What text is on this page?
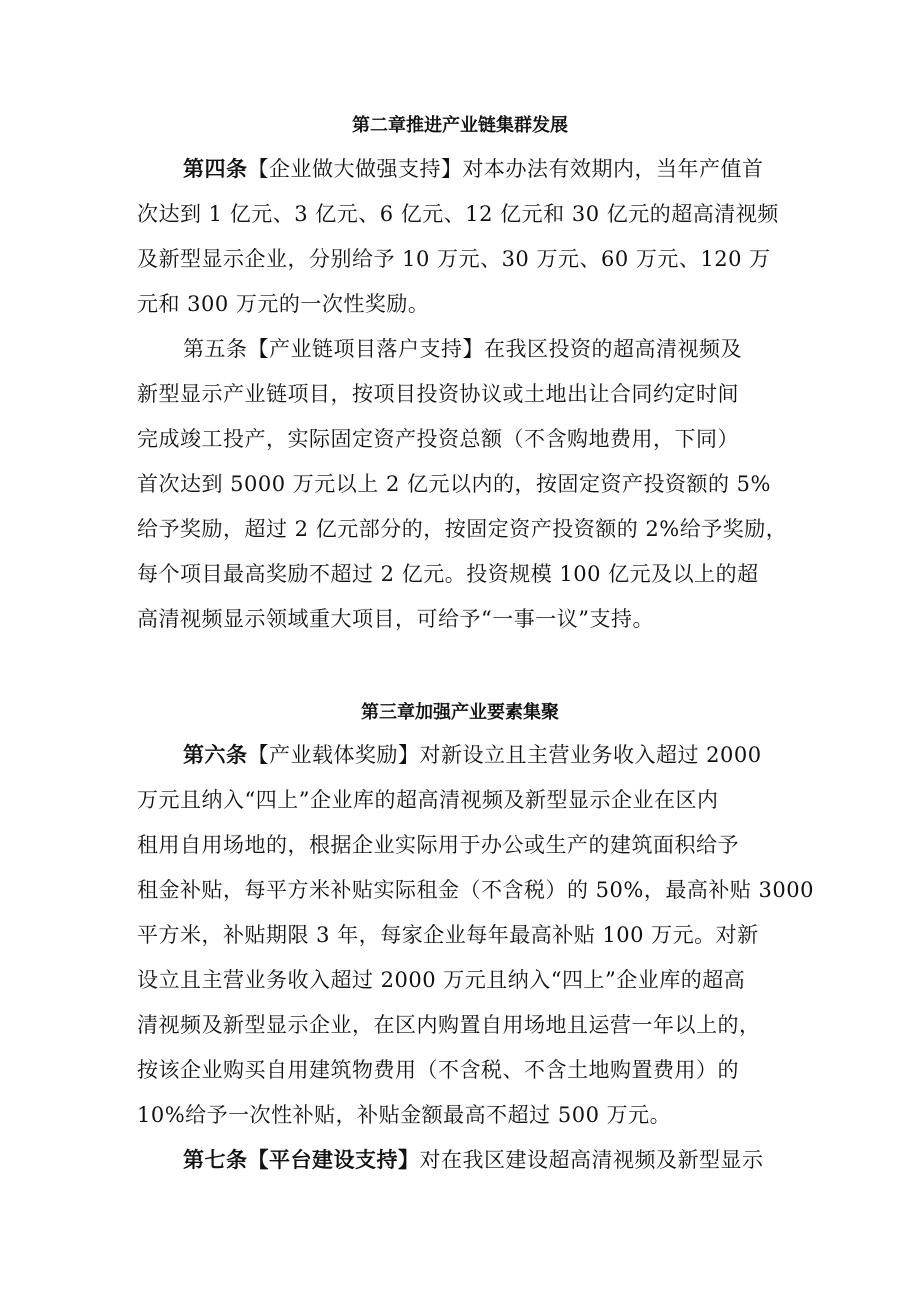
第二章推进产业链集群发展
第四条【企业做大做强支持】对本办法有效期内，当年产值首
次达到 1 亿元、3 亿元、6 亿元、12 亿元和 30 亿元的超高清视频
及新型显示企业，分别给予 10 万元、30 万元、60 万元、120 万
元和 300 万元的一次性奖励。
第五条【产业链项目落户支持】在我区投资的超高清视频及
新型显示产业链项目，按项目投资协议或土地出让合同约定时间
完成竣工投产，实际固定资产投资总额（不含购地费用，下同）
首次达到 5000 万元以上 2 亿元以内的，按固定资产投资额的 5%
给予奖励，超过 2 亿元部分的，按固定资产投资额的 2%给予奖励，
每个项目最高奖励不超过 2 亿元。投资规模 100 亿元及以上的超
高清视频显示领域重大项目，可给予“一事一议”支持。
第三章加强产业要素集聚
第六条【产业载体奖励】对新设立且主营业务收入超过 2000
万元且纳入“四上”企业库的超高清视频及新型显示企业在区内
租用自用场地的，根据企业实际用于办公或生产的建筑面积给予
租金补贴，每平方米补贴实际租金（不含税）的 50%，最高补贴 3000
平方米，补贴期限 3 年，每家企业每年最高补贴 100 万元。对新
设立且主营业务收入超过 2000 万元且纳入“四上”企业库的超高
清视频及新型显示企业，在区内购置自用场地且运营一年以上的，
按该企业购买自用建筑物费用（不含税、不含土地购置费用）的
10%给予一次性补贴，补贴金额最高不超过 500 万元。
第七条【平台建设支持】对在我区建设超高清视频及新型显示
